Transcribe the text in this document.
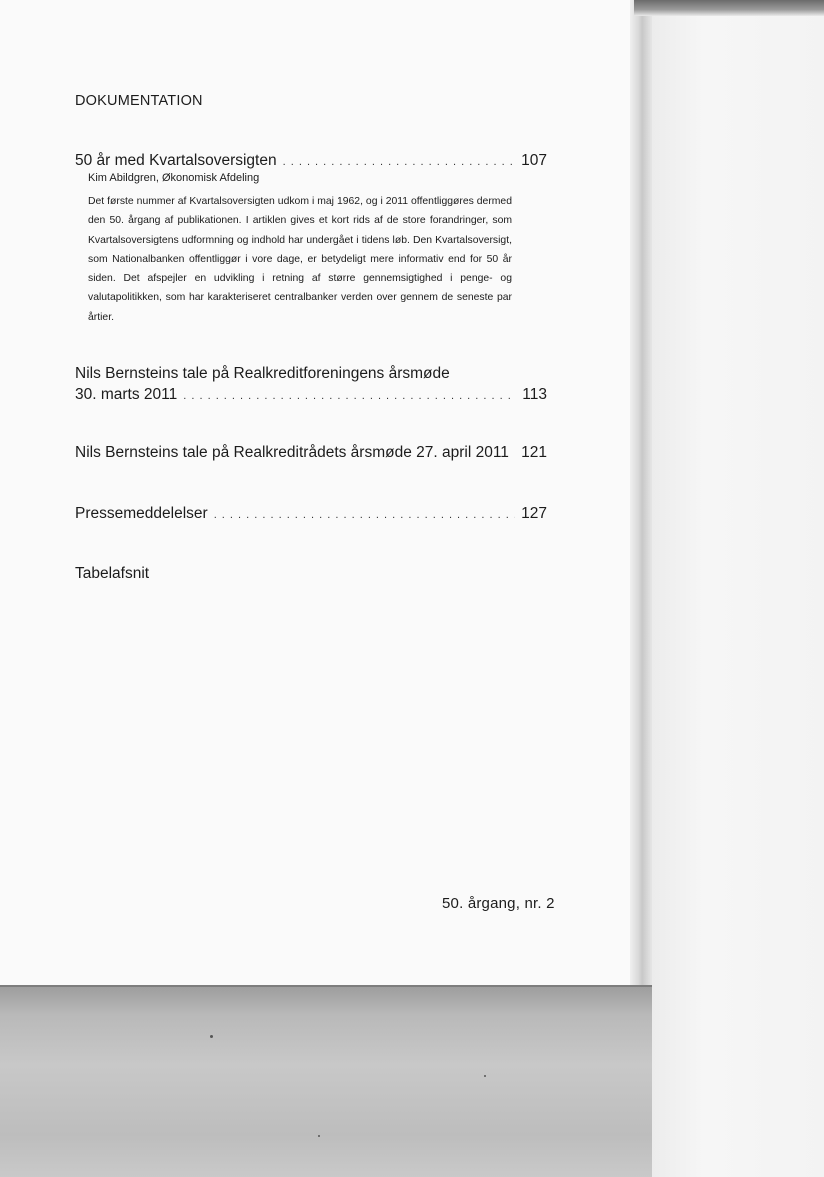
DOKUMENTATION
50 år med Kvartalsoversigten . . .	107
Kim Abildgren, Økonomisk Afdeling
Det første nummer af Kvartalsoversigten udkom i maj 1962, og i 2011 offentliggøres dermed den 50. årgang af publikationen. I artiklen gives et kort rids af de store forandringer, som Kvartalsoversigtens udformning og indhold har undergået i tidens løb. Den Kvartalsoversigt, som Nationalbanken offentliggør i vore dage, er betydeligt mere informativ end for 50 år siden. Det afspejler en udvikling i retning af større gennemsigtighed i penge- og valutapolitikken, som har karakteriseret centralbanker verden over gennem de seneste par årtier.
Nils Bernsteins tale på Realkreditforeningens årsmøde
30. marts 2011 . . .	113
Nils Bernsteins tale på Realkreditrådets årsmøde 27. april 2011 . . . 121
Pressemeddelelser . . .	127
Tabelafsnit
50. årgang, nr. 2
